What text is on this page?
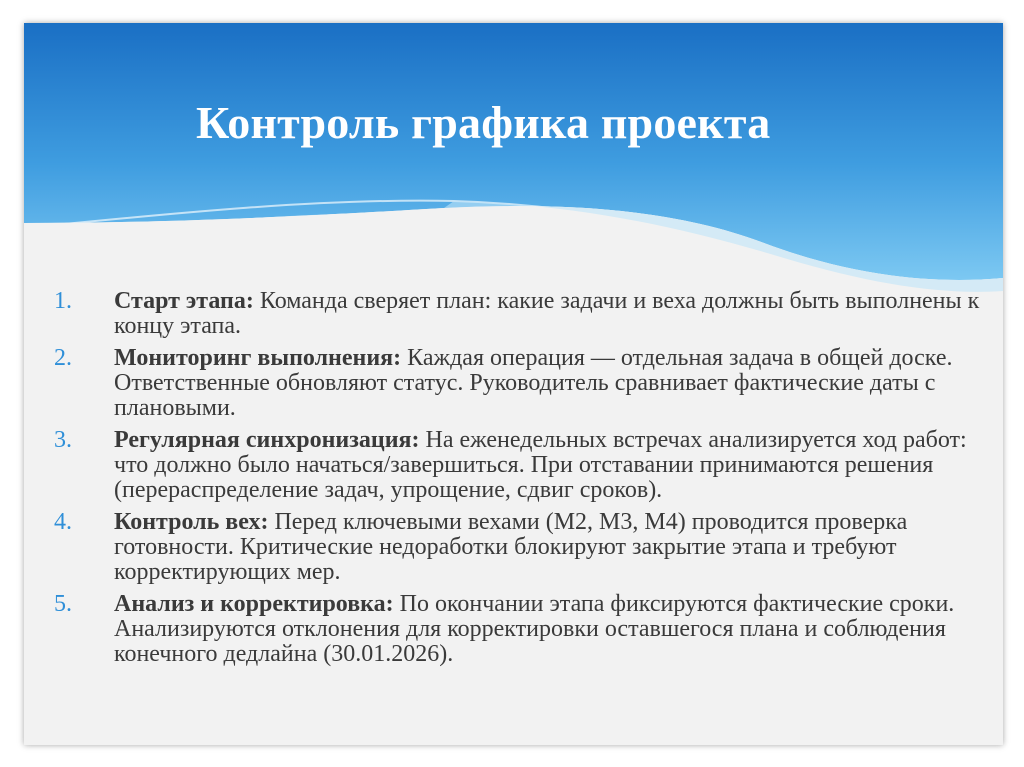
Контроль графика проекта
1. Старт этапа: Команда сверяет план: какие задачи и веха должны быть выполнены к концу этапа.
2. Мониторинг выполнения: Каждая операция — отдельная задача в общей доске. Ответственные обновляют статус. Руководитель сравнивает фактические даты с плановыми.
3. Регулярная синхронизация: На еженедельных встречах анализируется ход работ: что должно было начаться/завершиться. При отставании принимаются решения (перераспределение задач, упрощение, сдвиг сроков).
4. Контроль вех: Перед ключевыми вехами (M2, M3, M4) проводится проверка готовности. Критические недоработки блокируют закрытие этапа и требуют корректирующих мер.
5. Анализ и корректировка: По окончании этапа фиксируются фактические сроки. Анализируются отклонения для корректировки оставшегося плана и соблюдения конечного дедлайна (30.01.2026).
